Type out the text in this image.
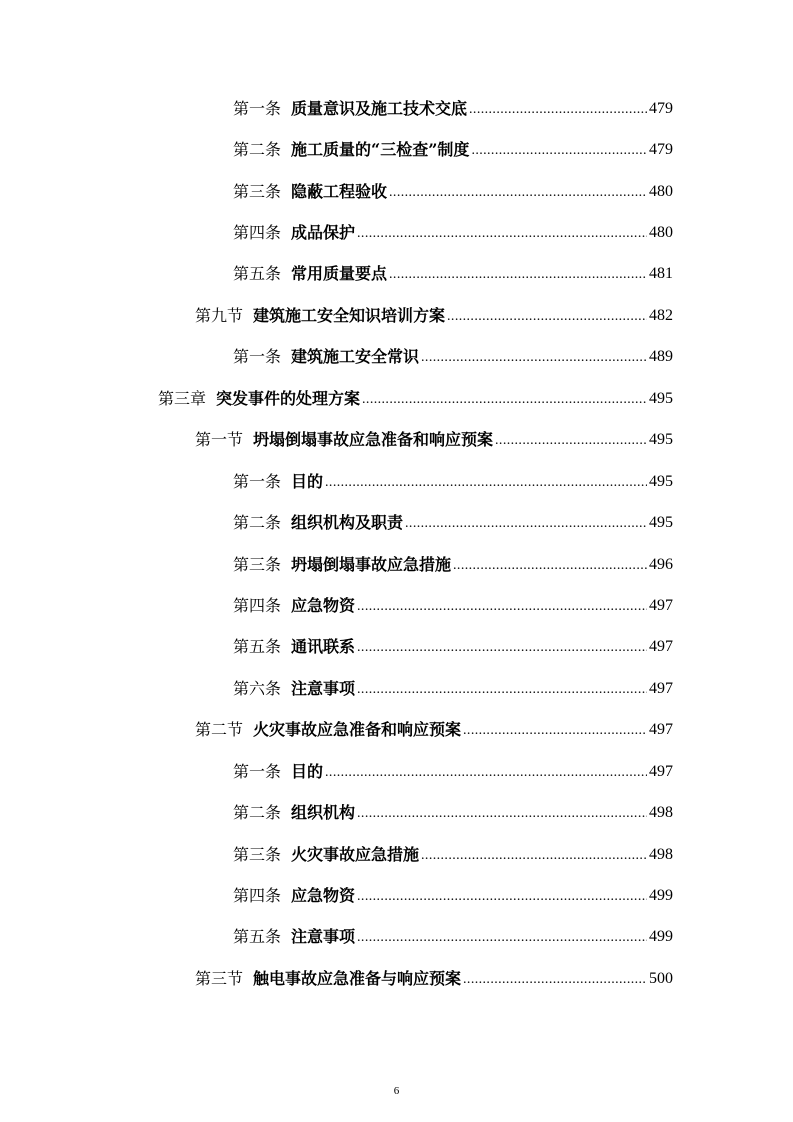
第一条 质量意识及施工技术交底 .....	479
第二条 施工质量的“三检查”制度 .....	479
第三条 隐蔽工程验收 .....	480
第四条 成品保护 .....	480
第五条 常用质量要点 .....	481
第九节 建筑施工安全知识培训方案 .....	482
第一条 建筑施工安全常识 .....	489
第三章 突发事件的处理方案 .....	495
第一节 坍塌倒塌事故应急准备和响应预案 .....	495
第一条 目的 .....	495
第二条 组织机构及职责 .....	495
第三条 坍塌倒塌事故应急措施 .....	496
第四条 应急物资 .....	497
第五条 通讯联系 .....	497
第六条 注意事项 .....	497
第二节 火灾事故应急准备和响应预案 .....	497
第一条 目的 .....	497
第二条 组织机构 .....	498
第三条 火灾事故应急措施 .....	498
第四条 应急物资 .....	499
第五条 注意事项 .....	499
第三节 触电事故应急准备与响应预案 .....	500
6
